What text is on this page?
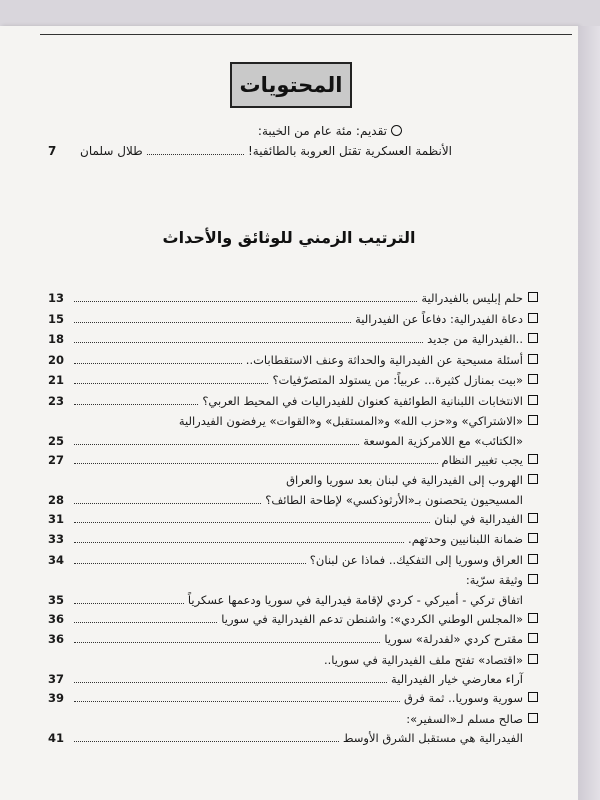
المحتويات
تقديم: مئة عام من الخيبة:
الأنظمة العسكرية تقتل العروبة بالطائفية!
طلال سلمان
7
الترتيب الزمني للوثائق والأحداث
حلم إبليس بالفيدرالية
13
دعاة الفيدرالية: دفاعاً عن الفيدرالية
15
..الفيدرالية من جديد
18
أسئلة مسيحية عن الفيدرالية والحداثة وعنف الاستقطابات..
20
«بيت بمنازل كثيرة... عربياً: من يستولد المتصرّفيات؟
21
الانتخابات اللبنانية الطوائفية كعنوان للفيدراليات في المحيط العربي؟
23
«الاشتراكي» و«حزب الله» و«المستقبل» و«القوات» يرفضون الفيدرالية
«الكتائب» مع اللامركزية الموسعة
25
يجب تغيير النظام
27
الهروب إلى الفيدرالية في لبنان بعد سوريا والعراق
المسيحيون يتحصنون بـ«الأرثوذكسي» لإطاحة الطائف؟
28
الفيدرالية في لبنان
31
ضمانة اللبنانيين وحدتهم.
33
العراق وسوريا إلى التفكيك.. فماذا عن لبنان؟
34
وثيقة سرّية:
اتفاق تركي - أميركي - كردي لإقامة فيدرالية في سوريا ودعمها عسكرياً
35
«المجلس الوطني الكردي»: واشنطن تدعم الفيدرالية في سوريا
36
مقترح كردي «لفدرلة» سوريا
36
«اقتصاد» تفتح ملف الفيدرالية في سوريا..
آراء معارضي خيار الفيدرالية
37
سورية وسوريا.. ثمة فرق
39
صالح مسلم لـ«السفير»:
الفيدرالية هي مستقبل الشرق الأوسط
41
